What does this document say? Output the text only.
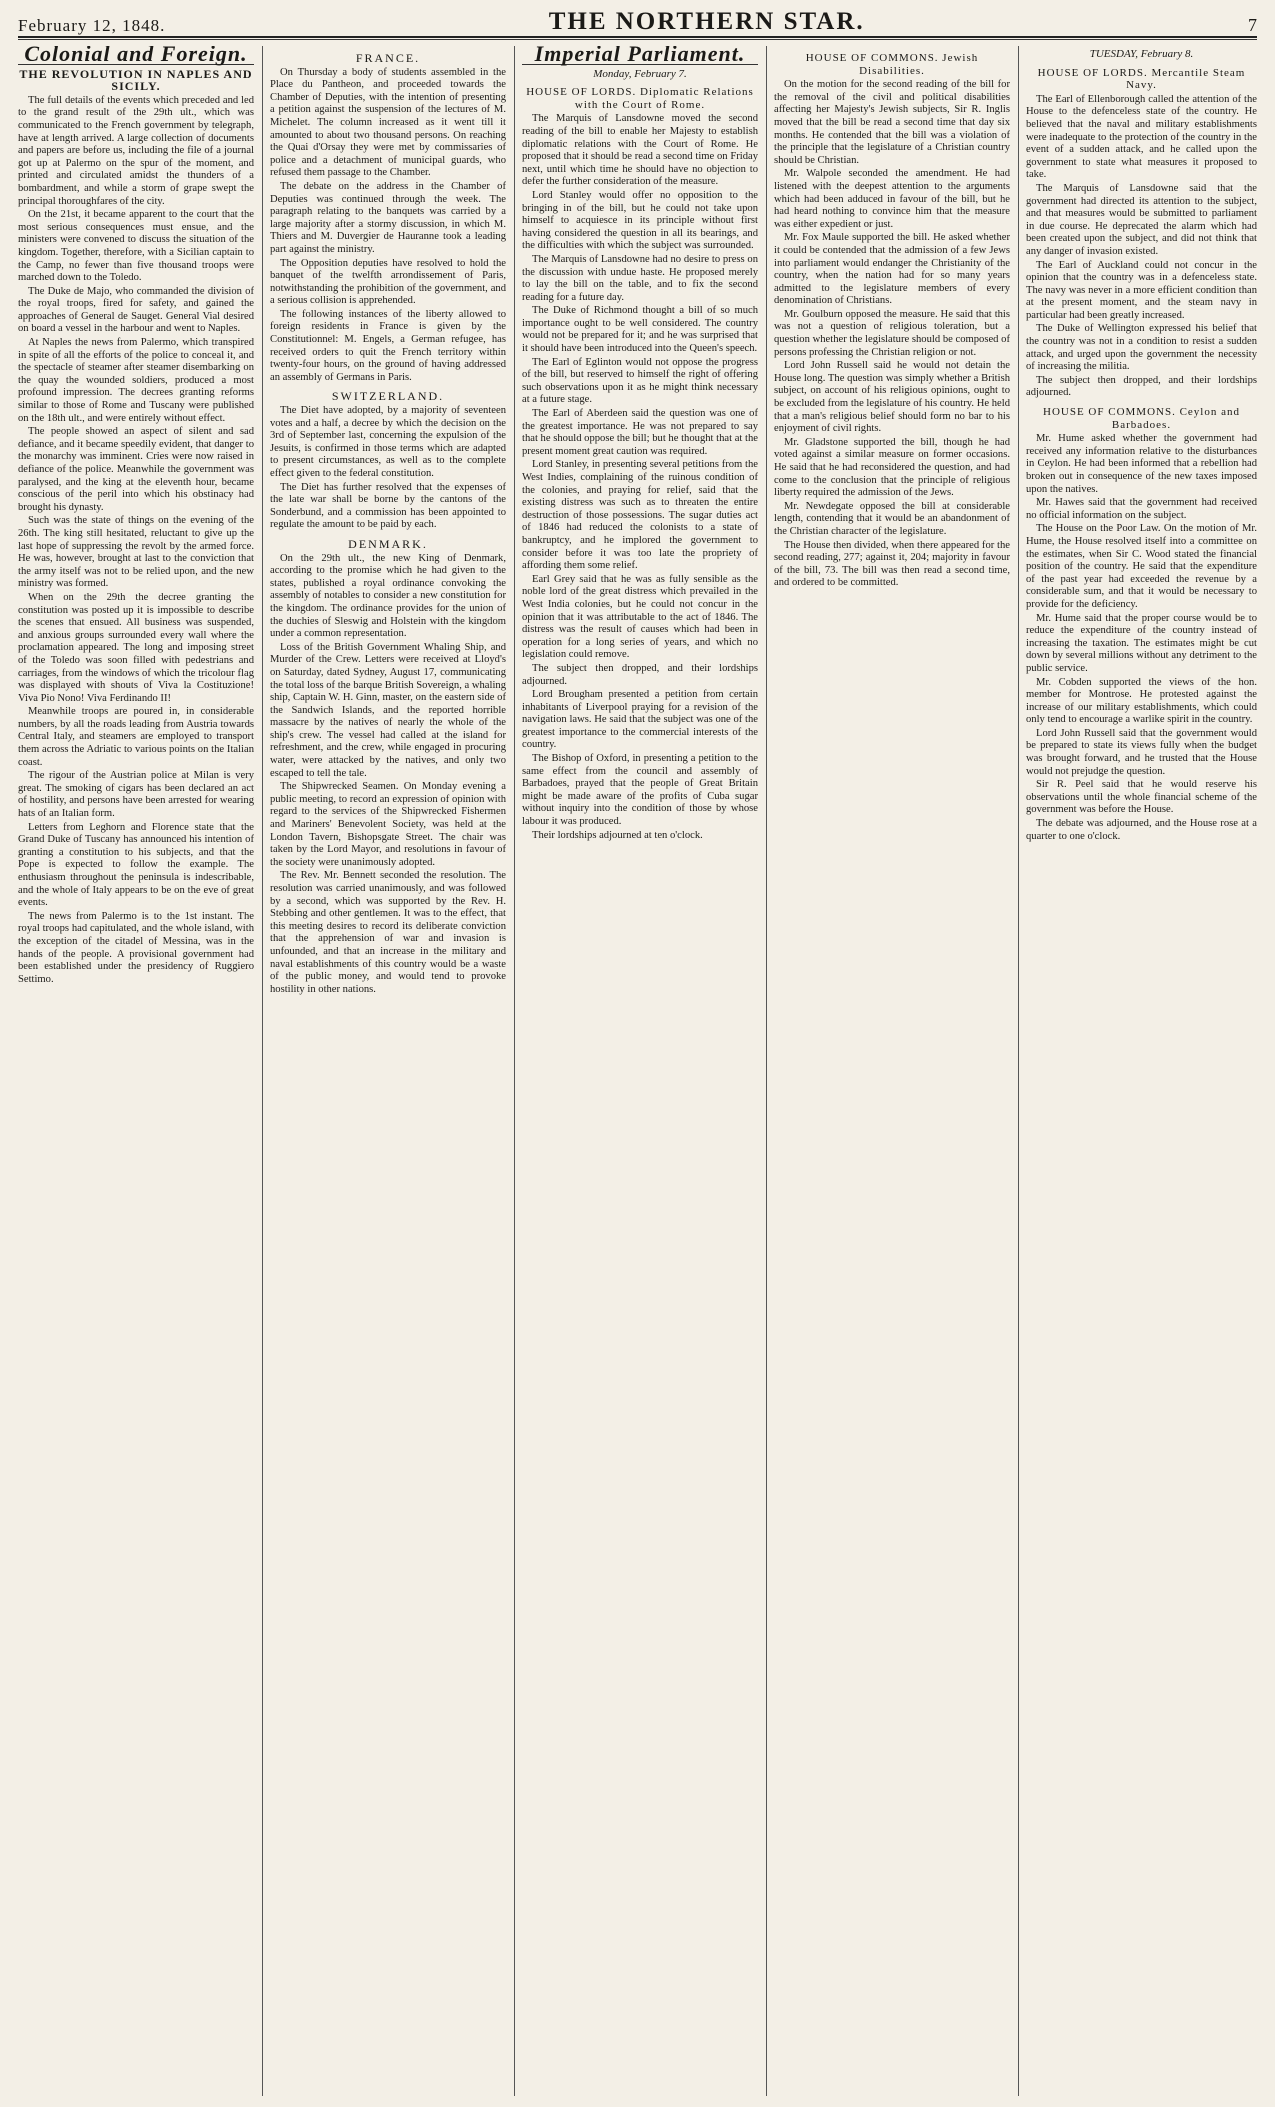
February 12, 1848.	THE NORTHERN STAR.	7
Colonial and Foreign.
THE REVOLUTION IN NAPLES AND SICILY.

The full details of the events which preceded and led to the grand result of the 29th ult., which was communicated to the French government by telegraph, have at length arrived. A large collection of documents and papers are before us, including the file of a journal got up at Palermo on the spur of the moment, and printed and circulated amidst the thunders of a bombardment, and while a storm of grape swept the principal thoroughfares of the city.

On the 21st, it became apparent to the court that the most serious consequences must ensue, and the ministers were convened to discuss the situation of the kingdom. Together, therefore, with a Sicilian captain to the Camp, no fewer than five thousand troops were marched down to the Toledo.

The Duke de Majo, who commanded the division of the royal troops, fired for safety, and gained the approaches of General de Sauget. General Vial desired on board a vessel in the harbour and went to Naples.

At Naples the news from Palermo, which transpired in spite of all the efforts of the police to conceal it, and the spectacle of steamer after steamer disembarking on the quay the wounded soldiers, produced a most profound impression. The decrees granting reforms similar to those of Rome and Tuscany were published on the 18th ult., and were entirely without effect.

The people showed an aspect of silent and sad defiance, and it became speedily evident, that danger to the monarchy was imminent. Cries were now raised in defiance of the police. Meanwhile the government was paralysed, and the king at the eleventh hour, became conscious of the peril into which his obstinacy had brought his dynasty.

Such was the state of things on the evening of the 26th. The king still hesitated, reluctant to give up the last hope of suppressing the revolt by the armed force. He was, however, brought at last to the conviction that the army itself was not to be relied upon, and the new ministry was formed.

When on the 29th the decree granting the constitution was posted up it is impossible to describe the scenes that ensued. All business was suspended, and anxious groups surrounded every wall where the proclamation appeared. The long and imposing street of the Toledo was soon filled with pedestrians and carriages, from the windows of which the tricolour flag was displayed with shouts of Viva la Costituzione! Viva Pio Nono! Viva Ferdinando II!

Meanwhile troops are poured in, in considerable numbers, by all the roads leading from Austria towards Central Italy, and steamers are employed to transport them across the Adriatic to various points on the Italian coast.

The rigour of the Austrian police at Milan is very great. The smoking of cigars has been declared an act of hostility, and persons have been arrested for wearing hats of an Italian form.

Letters from Leghorn and Florence state that the Grand Duke of Tuscany has announced his intention of granting a constitution to his subjects, and that the Pope is expected to follow the example. The enthusiasm throughout the peninsula is indescribable, and the whole of Italy appears to be on the eve of great events.

The news from Palermo is to the 1st instant. The royal troops had capitulated, and the whole island, with the exception of the citadel of Messina, was in the hands of the people. A provisional government had been established under the presidency of Ruggiero Settimo.

FRANCE.

On Thursday a body of students assembled in the Place du Pantheon, and proceeded towards the Chamber of Deputies, with the intention of presenting a petition against the suspension of the lectures of M. Michelet. The column increased as it went till it amounted to about two thousand persons. On reaching the Quai d'Orsay they were met by commissaries of police and a detachment of municipal guards, who refused them passage to the Chamber.

The debate on the address in the Chamber of Deputies was continued through the week. The paragraph relating to the banquets was carried by a large majority after a stormy discussion, in which M. Thiers and M. Duvergier de Hauranne took a leading part against the ministry.

The Opposition deputies have resolved to hold the banquet of the twelfth arrondissement of Paris, notwithstanding the prohibition of the government, and a serious collision is apprehended.

The following instances of the liberty allowed to foreign residents in France is given by the Constitutionnel: M. Engels, a German refugee, has received orders to quit the French territory within twenty-four hours, on the ground of having addressed an assembly of Germans in Paris.

SWITZERLAND.

The Diet have adopted, by a majority of seventeen votes and a half, a decree by which the decision on the 3rd of September last, concerning the expulsion of the Jesuits, is confirmed in those terms which are adapted to present circumstances, as well as to the complete effect given to the federal constitution.

The Diet has further resolved that the expenses of the late war shall be borne by the cantons of the Sonderbund, and a commission has been appointed to regulate the amount to be paid by each.

DENMARK.

On the 29th ult., the new King of Denmark, according to the promise which he had given to the states, published a royal ordinance convoking the assembly of notables to consider a new constitution for the kingdom. The ordinance provides for the union of the duchies of Sleswig and Holstein with the kingdom under a common representation.

Loss of the British Government Whaling Ship, and Murder of the Crew. Letters were received at Lloyd's on Saturday, dated Sydney, August 17, communicating the total loss of the barque British Sovereign, a whaling ship, Captain W. H. Ginn, master, on the eastern side of the Sandwich Islands, and the reported horrible massacre by the natives of nearly the whole of the ship's crew. The vessel had called at the island for refreshment, and the crew, while engaged in procuring water, were attacked by the natives, and only two escaped to tell the tale.

The Shipwrecked Seamen. On Monday evening a public meeting, to record an expression of opinion with regard to the services of the Shipwrecked Fishermen and Mariners' Benevolent Society, was held at the London Tavern, Bishopsgate Street. The chair was taken by the Lord Mayor, and resolutions in favour of the society were unanimously adopted.

The Rev. Mr. Bennett seconded the resolution. The resolution was carried unanimously, and was followed by a second, which was supported by the Rev. H. Stebbing and other gentlemen. It was to the effect, that this meeting desires to record its deliberate conviction that the apprehension of war and invasion is unfounded, and that an increase in the military and naval establishments of this country would be a waste of the public money, and would tend to provoke hostility in other nations.

Imperial Parliament.
Monday, February 7.
HOUSE OF LORDS. Diplomatic Relations with the Court of Rome.

The Marquis of Lansdowne moved the second reading of the bill to enable her Majesty to establish diplomatic relations with the Court of Rome. He proposed that it should be read a second time on Friday next, until which time he should have no objection to defer the further consideration of the measure.

Lord Stanley would offer no opposition to the bringing in of the bill, but he could not take upon himself to acquiesce in its principle without first having considered the question in all its bearings, and the difficulties with which the subject was surrounded.

The Marquis of Lansdowne had no desire to press on the discussion with undue haste. He proposed merely to lay the bill on the table, and to fix the second reading for a future day.

The Duke of Richmond thought a bill of so much importance ought to be well considered. The country would not be prepared for it; and he was surprised that it should have been introduced into the Queen's speech.

The Earl of Eglinton would not oppose the progress of the bill, but reserved to himself the right of offering such observations upon it as he might think necessary at a future stage.

The Earl of Aberdeen said the question was one of the greatest importance. He was not prepared to say that he should oppose the bill; but he thought that at the present moment great caution was required.

Lord Stanley, in presenting several petitions from the West Indies, complaining of the ruinous condition of the colonies, and praying for relief, said that the existing distress was such as to threaten the entire destruction of those possessions. The sugar duties act of 1846 had reduced the colonists to a state of bankruptcy, and he implored the government to consider before it was too late the propriety of affording them some relief.

Earl Grey said that he was as fully sensible as the noble lord of the great distress which prevailed in the West India colonies, but he could not concur in the opinion that it was attributable to the act of 1846. The distress was the result of causes which had been in operation for a long series of years, and which no legislation could remove.

The subject then dropped, and their lordships adjourned.

Lord Brougham presented a petition from certain inhabitants of Liverpool praying for a revision of the navigation laws. He said that the subject was one of the greatest importance to the commercial interests of the country.

The Bishop of Oxford, in presenting a petition to the same effect from the council and assembly of Barbadoes, prayed that the people of Great Britain might be made aware of the profits of Cuba sugar without inquiry into the condition of those by whose labour it was produced.

Their lordships adjourned at ten o'clock.

HOUSE OF COMMONS. Jewish Disabilities.

On the motion for the second reading of the bill for the removal of the civil and political disabilities affecting her Majesty's Jewish subjects, Sir R. Inglis moved that the bill be read a second time that day six months. He contended that the bill was a violation of the principle that the legislature of a Christian country should be Christian.

Mr. Walpole seconded the amendment. He had listened with the deepest attention to the arguments which had been adduced in favour of the bill, but he had heard nothing to convince him that the measure was either expedient or just.

Mr. Fox Maule supported the bill. He asked whether it could be contended that the admission of a few Jews into parliament would endanger the Christianity of the country, when the nation had for so many years admitted to the legislature members of every denomination of Christians.

Mr. Goulburn opposed the measure. He said that this was not a question of religious toleration, but a question whether the legislature should be composed of persons professing the Christian religion or not.

Lord John Russell said he would not detain the House long. The question was simply whether a British subject, on account of his religious opinions, ought to be excluded from the legislature of his country. He held that a man's religious belief should form no bar to his enjoyment of civil rights.

Mr. Gladstone supported the bill, though he had voted against a similar measure on former occasions. He said that he had reconsidered the question, and had come to the conclusion that the principle of religious liberty required the admission of the Jews.

Mr. Newdegate opposed the bill at considerable length, contending that it would be an abandonment of the Christian character of the legislature.

The House then divided, when there appeared for the second reading, 277; against it, 204; majority in favour of the bill, 73. The bill was then read a second time, and ordered to be committed.

TUESDAY, February 8.
HOUSE OF LORDS. Mercantile Steam Navy.

The Earl of Ellenborough called the attention of the House to the defenceless state of the country. He believed that the naval and military establishments were inadequate to the protection of the country in the event of a sudden attack, and he called upon the government to state what measures it proposed to take.

The Marquis of Lansdowne said that the government had directed its attention to the subject, and that measures would be submitted to parliament in due course. He deprecated the alarm which had been created upon the subject, and did not think that any danger of invasion existed.

The Earl of Auckland could not concur in the opinion that the country was in a defenceless state. The navy was never in a more efficient condition than at the present moment, and the steam navy in particular had been greatly increased.

The Duke of Wellington expressed his belief that the country was not in a condition to resist a sudden attack, and urged upon the government the necessity of increasing the militia.

The subject then dropped, and their lordships adjourned.

HOUSE OF COMMONS. Ceylon and Barbadoes.

Mr. Hume asked whether the government had received any information relative to the disturbances in Ceylon. He had been informed that a rebellion had broken out in consequence of the new taxes imposed upon the natives.

Mr. Hawes said that the government had received no official information on the subject.

The House on the Poor Law. On the motion of Mr. Hume, the House resolved itself into a committee on the estimates, when Sir C. Wood stated the financial position of the country. He said that the expenditure of the past year had exceeded the revenue by a considerable sum, and that it would be necessary to provide for the deficiency.

Mr. Hume said that the proper course would be to reduce the expenditure of the country instead of increasing the taxation. The estimates might be cut down by several millions without any detriment to the public service.

Mr. Cobden supported the views of the hon. member for Montrose. He protested against the increase of our military establishments, which could only tend to encourage a warlike spirit in the country.

Lord John Russell said that the government would be prepared to state its views fully when the budget was brought forward, and he trusted that the House would not prejudge the question.

Sir R. Peel said that he would reserve his observations until the whole financial scheme of the government was before the House.

The debate was adjourned, and the House rose at a quarter to one o'clock.
